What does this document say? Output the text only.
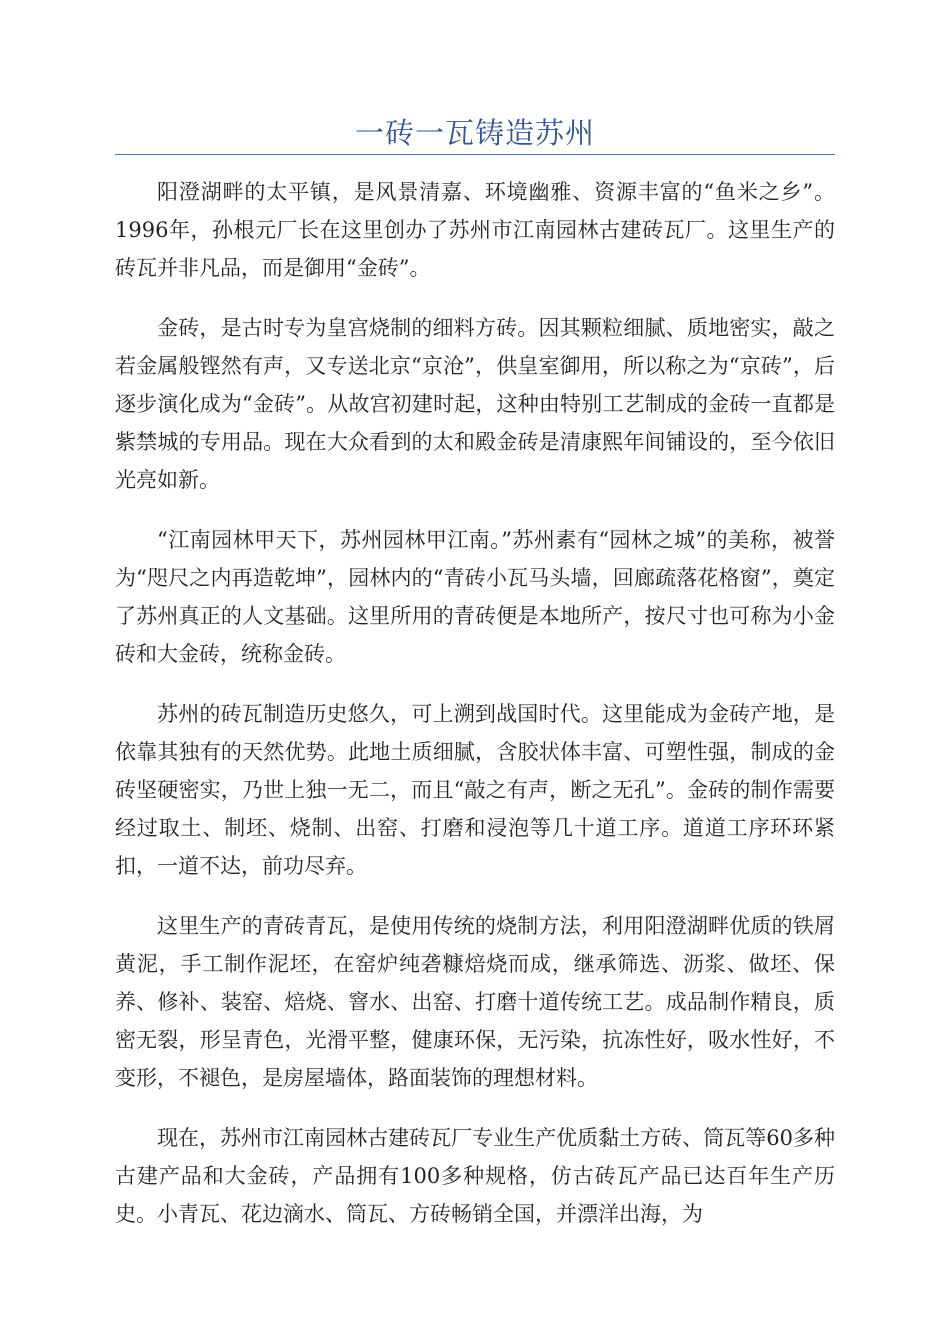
一砖一瓦铸造苏州

阳澄湖畔的太平镇，是风景清嘉、环境幽雅、资源丰富的“鱼米之乡”。1996年，孙根元厂长在这里创办了苏州市江南园林古建砖瓦厂。这里生产的砖瓦并非凡品，而是御用“金砖”。

金砖，是古时专为皇宫烧制的细料方砖。因其颗粒细腻、质地密实，敲之若金属般铿然有声，又专送北京“京沧”，供皇室御用，所以称之为“京砖”，后逐步演化成为“金砖”。从故宫初建时起，这种由特别工艺制成的金砖一直都是紫禁城的专用品。现在大众看到的太和殿金砖是清康熙年间铺设的，至今依旧光亮如新。

“江南园林甲天下，苏州园林甲江南。”苏州素有“园林之城”的美称，被誉为“咫尺之内再造乾坤”，园林内的“青砖小瓦马头墙，回廊疏落花格窗”，奠定了苏州真正的人文基础。这里所用的青砖便是本地所产，按尺寸也可称为小金砖和大金砖，统称金砖。

苏州的砖瓦制造历史悠久，可上溯到战国时代。这里能成为金砖产地，是依靠其独有的天然优势。此地土质细腻，含胶状体丰富、可塑性强，制成的金砖坚硬密实，乃世上独一无二，而且“敲之有声，断之无孔”。金砖的制作需要经过取土、制坯、烧制、出窑、打磨和浸泡等几十道工序。道道工序环环紧扣，一道不达，前功尽弃。

这里生产的青砖青瓦，是使用传统的烧制方法，利用阳澄湖畔优质的铁屑黄泥，手工制作泥坯，在窑炉纯砻糠焙烧而成，继承筛选、沥浆、做坯、保养、修补、装窑、焙烧、窨水、出窑、打磨十道传统工艺。成品制作精良，质密无裂，形呈青色，光滑平整，健康环保，无污染，抗冻性好，吸水性好，不变形，不褪色，是房屋墙体，路面装饰的理想材料。

现在，苏州市江南园林古建砖瓦厂专业生产优质黏土方砖、筒瓦等60多种古建产品和大金砖，产品拥有100多种规格，仿古砖瓦产品已达百年生产历史。小青瓦、花边滴水、筒瓦、方砖畅销全国，并漂洋出海，为
